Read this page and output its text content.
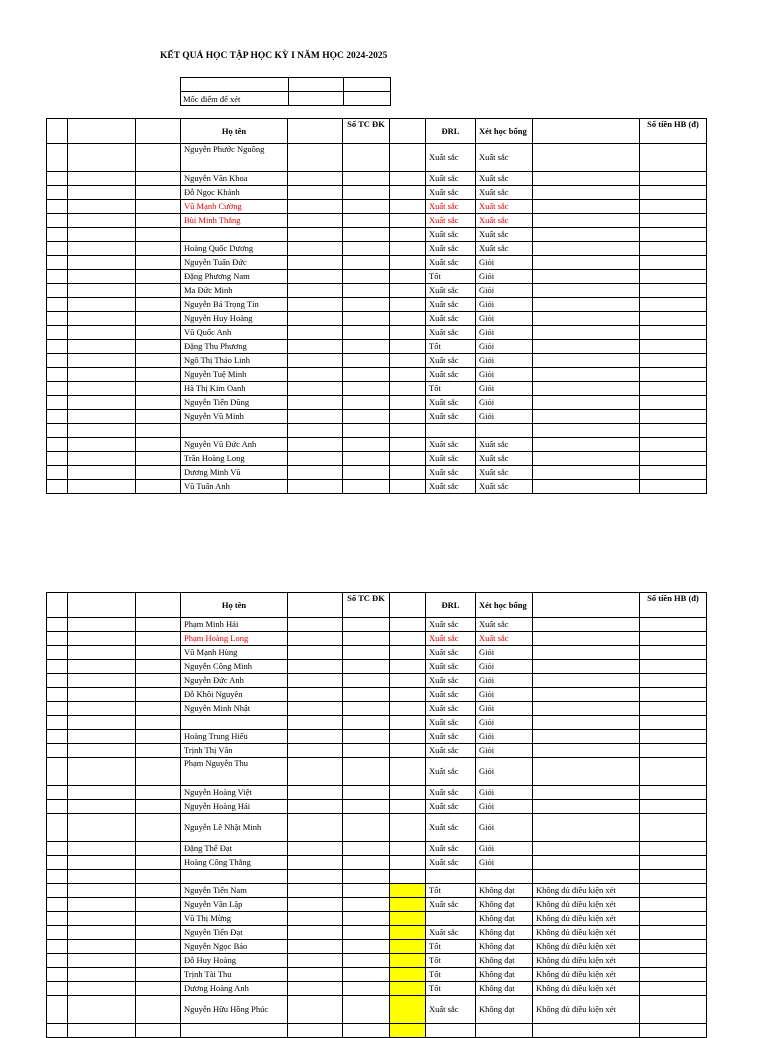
KẾT QUẢ HỌC TẬP HỌC KỲ I NĂM HỌC 2024-2025

Mốc điểm để xét		
			Họ tên		Số TC ĐK		ĐRL	Xét học bổng		Số tiền HB (đ)
			Nguyễn Phước Nguồng				Xuất sắc	Xuất sắc		
			Nguyễn Văn Khoa				Xuất sắc	Xuất sắc		
			Đỗ Ngọc Khánh				Xuất sắc	Xuất sắc		
			Vũ Mạnh Cường				Xuất sắc	Xuất sắc		
			Bùi Minh Thắng				Xuất sắc	Xuất sắc		
							Xuất sắc	Xuất sắc		
			Hoàng Quốc Dương				Xuất sắc	Xuất sắc		
			Nguyễn Tuấn Đức				Xuất sắc	Giỏi		
			Đặng Phương Nam				Tốt	Giỏi		
			Ma Đức Minh				Xuất sắc	Giỏi		
			Nguyễn Bá Trọng Tín				Xuất sắc	Giỏi		
			Nguyễn Huy Hoàng				Xuất sắc	Giỏi		
			Vũ Quốc Anh				Xuất sắc	Giỏi		
			Đặng Thu Phương				Tốt	Giỏi		
			Ngô Thị Thảo Linh				Xuất sắc	Giỏi		
			Nguyễn Tuệ Minh				Xuất sắc	Giỏi		
			Hà Thị Kim Oanh				Tốt	Giỏi		
			Nguyễn Tiến Dũng				Xuất sắc	Giỏi		
			Nguyễn Vũ Minh				Xuất sắc	Giỏi		

			Nguyễn Vũ Đức Anh				Xuất sắc	Xuất sắc		
			Trần Hoàng Long				Xuất sắc	Xuất sắc		
			Dương Minh Vũ				Xuất sắc	Xuất sắc		
			Vũ Tuấn Anh				Xuất sắc	Xuất sắc		
			Họ tên		Số TC ĐK		ĐRL	Xét học bổng		Số tiền HB (đ)
			Phạm Minh Hải				Xuất sắc	Xuất sắc		
			Phạm Hoàng Long				Xuất sắc	Xuất sắc		
			Vũ Mạnh Hùng				Xuất sắc	Giỏi		
			Nguyễn Công Minh				Xuất sắc	Giỏi		
			Nguyễn Đức Anh				Xuất sắc	Giỏi		
			Đỗ Khôi Nguyên				Xuất sắc	Giỏi		
			Nguyễn Minh Nhật				Xuất sắc	Giỏi		
							Xuất sắc	Giỏi		
			Hoàng Trung Hiếu				Xuất sắc	Giỏi		
			Trịnh Thị Vân				Xuất sắc	Giỏi		
			Phạm Nguyễn Thu				Xuất sắc	Giỏi		
			Nguyễn Hoàng Việt				Xuất sắc	Giỏi		
			Nguyễn Hoàng Hải				Xuất sắc	Giỏi		
			Nguyễn Lê Nhật Minh				Xuất sắc	Giỏi		
			Đặng Thế Đạt				Xuất sắc	Giỏi		
			Hoàng Công Thắng				Xuất sắc	Giỏi		

			Nguyễn Tiến Nam				Tốt	Không đạt	Không đủ điều kiện xét	
			Nguyễn Văn Lập				Xuất sắc	Không đạt	Không đủ điều kiện xét	
			Vũ Thị Mừng					Không đạt	Không đủ điều kiện xét	
			Nguyễn Tiến Đạt				Xuất sắc	Không đạt	Không đủ điều kiện xét	
			Nguyễn Ngọc Bảo				Tốt	Không đạt	Không đủ điều kiện xét	
			Đỗ Huy Hoàng				Tốt	Không đạt	Không đủ điều kiện xét	
			Trịnh Tài Thu				Tốt	Không đạt	Không đủ điều kiện xét	
			Dương Hoàng Anh				Tốt	Không đạt	Không đủ điều kiện xét	
			Nguyễn Hữu Hồng Phúc				Xuất sắc	Không đạt	Không đủ điều kiện xét	
